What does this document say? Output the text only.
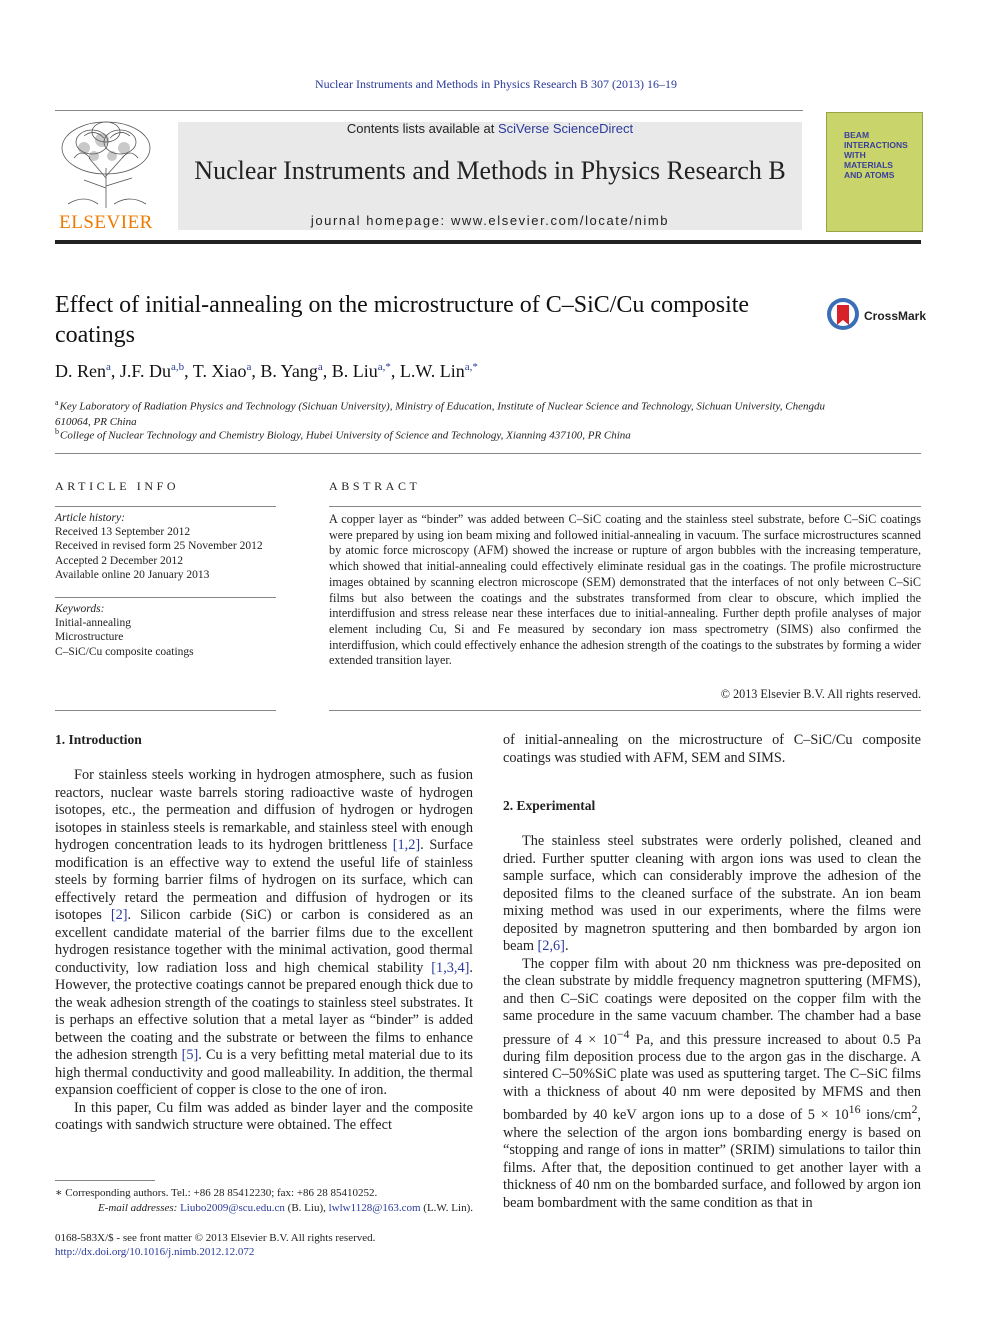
Nuclear Instruments and Methods in Physics Research B 307 (2013) 16–19
ELSEVIER
Contents lists available at SciVerse ScienceDirect
Nuclear Instruments and Methods in Physics Research B
journal homepage: www.elsevier.com/locate/nimb
BEAM
INTERACTIONS
WITH
MATERIALS
AND ATOMS
Effect of initial-annealing on the microstructure of C–SiC/Cu composite coatings
CrossMark
D. Ren$^a$, J.F. Du$^{a,b}$, T. Xiao$^a$, B. Yang$^a$, B. Liu$^{a,*}$, L.W. Lin$^{a,*}$
$^a$Key Laboratory of Radiation Physics and Technology (Sichuan University), Ministry of Education, Institute of Nuclear Science and Technology, Sichuan University, Chengdu 610064, PR China
$^b$College of Nuclear Technology and Chemistry Biology, Hubei University of Science and Technology, Xianning 437100, PR China
ARTICLE INFO
Article history:
Received 13 September 2012
Received in revised form 25 November 2012
Accepted 2 December 2012
Available online 20 January 2013
Keywords:
Initial-annealing
Microstructure
C–SiC/Cu composite coatings
ABSTRACT
A copper layer as “binder” was added between C–SiC coating and the stainless steel substrate, before C–SiC coatings were prepared by using ion beam mixing and followed initial-annealing in vacuum. The surface microstructures scanned by atomic force microscopy (AFM) showed the increase or rupture of argon bubbles with the increasing temperature, which showed that initial-annealing could effectively eliminate residual gas in the coatings. The profile microstructure images obtained by scanning electron microscope (SEM) demonstrated that the interfaces of not only between C–SiC films but also between the coatings and the substrates transformed from clear to obscure, which implied the interdiffusion and stress release near these interfaces due to initial-annealing. Further depth profile analyses of major element including Cu, Si and Fe measured by secondary ion mass spectrometry (SIMS) also confirmed the interdiffusion, which could effectively enhance the adhesion strength of the coatings to the substrates by forming a wider extended transition layer.
© 2013 Elsevier B.V. All rights reserved.
1. Introduction

For stainless steels working in hydrogen atmosphere, such as fusion reactors, nuclear waste barrels storing radioactive waste of hydrogen isotopes, etc., the permeation and diffusion of hydrogen or hydrogen isotopes in stainless steels is remarkable, and stainless steel with enough hydrogen concentration leads to its hydrogen brittleness [1,2]. Surface modification is an effective way to extend the useful life of stainless steels by forming barrier films of hydrogen on its surface, which can effectively retard the permeation and diffusion of hydrogen or its isotopes [2]. Silicon carbide (SiC) or carbon is considered as an excellent candidate material of the barrier films due to the excellent hydrogen resistance together with the minimal activation, good thermal conductivity, low radiation loss and high chemical stability [1,3,4]. However, the protective coatings cannot be prepared enough thick due to the weak adhesion strength of the coatings to stainless steel substrates. It is perhaps an effective solution that a metal layer as “binder” is added between the coating and the substrate or between the films to enhance the adhesion strength [5]. Cu is a very befitting metal material due to its high thermal conductivity and good malleability. In addition, the thermal expansion coefficient of copper is close to the one of iron.

In this paper, Cu film was added as binder layer and the composite coatings with sandwich structure were obtained. The effect

of initial-annealing on the microstructure of C–SiC/Cu composite coatings was studied with AFM, SEM and SIMS.

2. Experimental

The stainless steel substrates were orderly polished, cleaned and dried. Further sputter cleaning with argon ions was used to clean the sample surface, which can considerably improve the adhesion of the deposited films to the cleaned surface of the substrate. An ion beam mixing method was used in our experiments, where the films were deposited by magnetron sputtering and then bombarded by argon ion beam [2,6].

The copper film with about 20 nm thickness was pre-deposited on the clean substrate by middle frequency magnetron sputtering (MFMS), and then C–SiC coatings were deposited on the copper film with the same procedure in the same vacuum chamber. The chamber had a base pressure of $4 \times 10^{-4}$ Pa, and this pressure increased to about 0.5 Pa during film deposition process due to the argon gas in the discharge. A sintered C–50%SiC plate was used as sputtering target. The C–SiC films with a thickness of about 40 nm were deposited by MFMS and then bombarded by 40 keV argon ions up to a dose of $5 \times 10^{16}$ ions/$cm^2$, where the selection of the argon ions bombarding energy is based on “stopping and range of ions in matter” (SRIM) simulations to tailor thin films. After that, the deposition continued to get another layer with a thickness of 40 nm on the bombarded surface, and followed by argon ion beam bombardment with the same condition as that in

∗ Corresponding authors. Tel.: +86 28 85412230; fax: +86 28 85410252.
E-mail addresses: Liubo2009@scu.edu.cn (B. Liu), lwlw1128@163.com (L.W. Lin).
0168-583X/$ - see front matter © 2013 Elsevier B.V. All rights reserved.
http://dx.doi.org/10.1016/j.nimb.2012.12.072
